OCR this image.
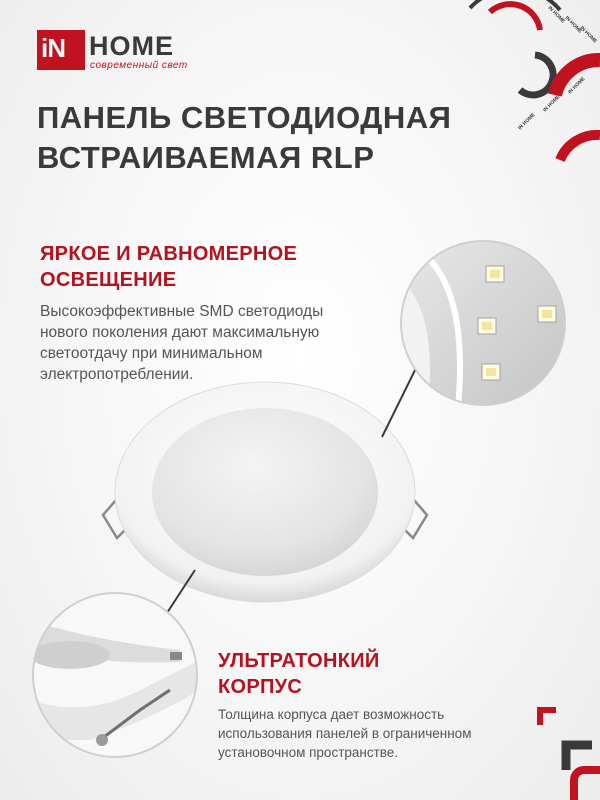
IN HOME
IN HOME
IN HOME
IN HOME
IN HOME
IN HOME
iN HOME
современный свет
ПАНЕЛЬ СВЕТОДИОДНАЯ
ВСТРАИВАЕМАЯ RLP
ЯРКОЕ И РАВНОМЕРНОЕ
ОСВЕЩЕНИЕ
Высокоэффективные SMD светодиоды
нового поколения дают максимальную
светоотдачу при минимальном
электропотреблении.
УЛЬТРАТОНКИЙ
КОРПУС
Толщина корпуса дает возможность
использования панелей в ограниченном
установочном пространстве.
